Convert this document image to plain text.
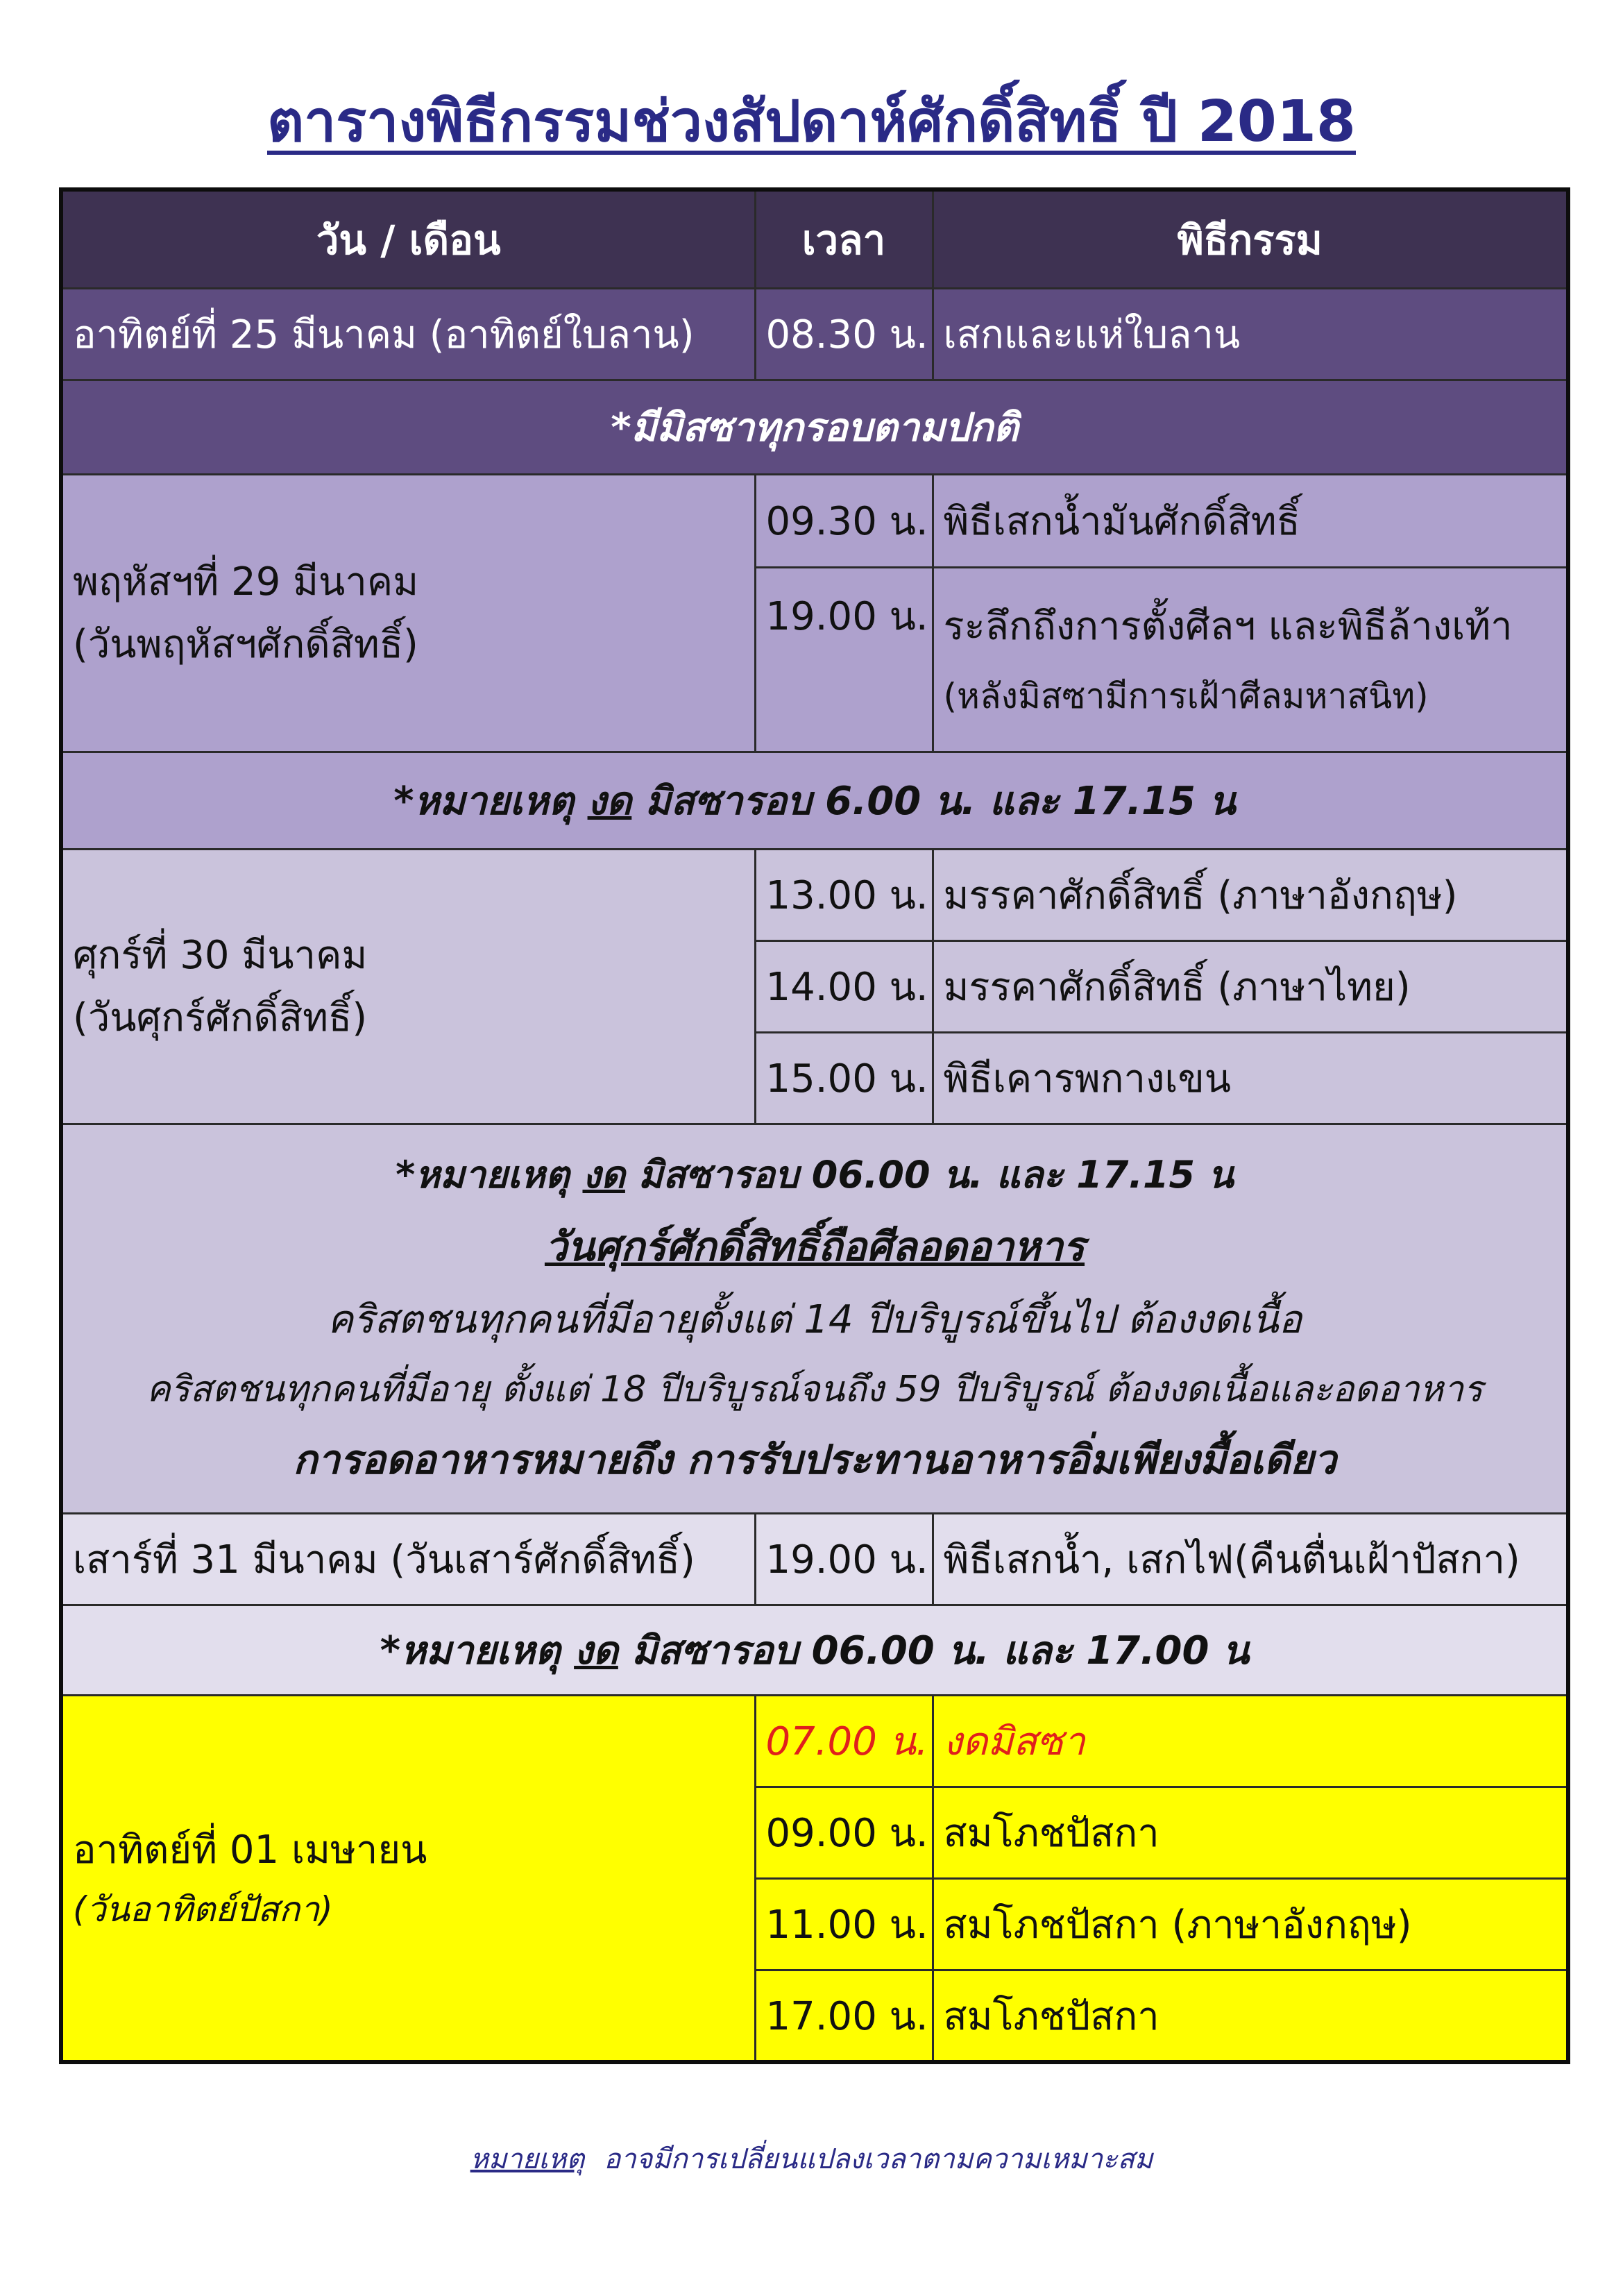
ตารางพิธีกรรมช่วงสัปดาห์ศักดิ์สิทธิ์ ปี 2018
วัน / เดือน	เวลา	พิธีกรรม
อาทิตย์ที่ 25 มีนาคม (อาทิตย์ใบลาน)	08.30 น.	เสกและแห่ใบลาน
*มีมิสซาทุกรอบตามปกติ		

พฤหัสฯที่ 29 มีนาคม
(วันพฤหัสฯศักดิ์สิทธิ์)	09.30 น.	พิธีเสกน้ำมันศักดิ์สิทธิ์
	19.00 น.	ระลึกถึงการตั้งศีลฯ และพิธีล้างเท้า
(หลังมิสซามีการเฝ้าศีลมหาสนิท)

*หมายเหตุ งด มิสซารอบ 6.00 น. และ 17.15 น		

ศุกร์ที่ 30 มีนาคม
(วันศุกร์ศักดิ์สิทธิ์)	13.00 น.	มรรคาศักดิ์สิทธิ์ (ภาษาอังกฤษ)
	14.00 น.	มรรคาศักดิ์สิทธิ์ (ภาษาไทย)
	15.00 น.	พิธีเคารพกางเขน

*หมายเหตุ งด มิสซารอบ 06.00 น. และ 17.15 น
วันศุกร์ศักดิ์สิทธิ์ถือศีลอดอาหาร
คริสตชนทุกคนที่มีอายุตั้งแต่ 14 ปีบริบูรณ์ขึ้นไป ต้องงดเนื้อ
คริสตชนทุกคนที่มีอายุ ตั้งแต่ 18 ปีบริบูรณ์จนถึง 59 ปีบริบูรณ์ ต้องงดเนื้อและอดอาหาร
การอดอาหารหมายถึง การรับประทานอาหารอิ่มเพียงมื้อเดียว		

เสาร์ที่ 31 มีนาคม (วันเสาร์ศักดิ์สิทธิ์)	19.00 น.	พิธีเสกน้ำ, เสกไฟ(คืนตื่นเฝ้าปัสกา)
*หมายเหตุ งด มิสซารอบ 06.00 น. และ 17.00 น		

อาทิตย์ที่ 01 เมษายน
(วันอาทิตย์ปัสกา)	07.00 น.	งดมิสซา
	09.00 น.	สมโภชปัสกา
	11.00 น.	สมโภชปัสกา (ภาษาอังกฤษ)
	17.00 น.	สมโภชปัสกา
หมายเหตุ อาจมีการเปลี่ยนแปลงเวลาตามความเหมาะสม
